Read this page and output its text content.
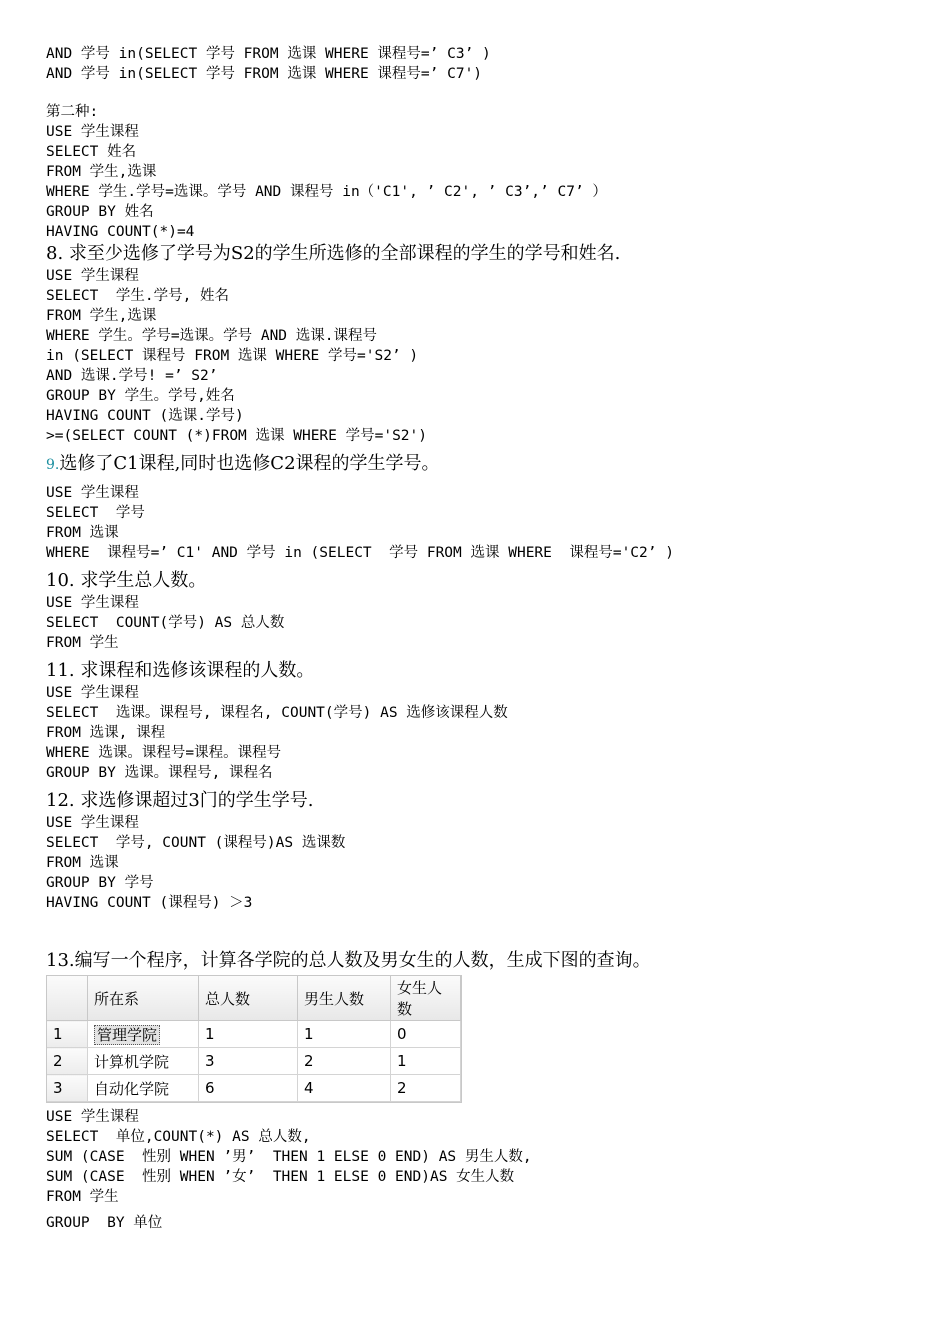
AND 学号 in(SELECT 学号 FROM 选课 WHERE 课程号=’ C3’ )

AND 学号 in(SELECT 学号 FROM 选课 WHERE 课程号=’ C7')

第二种:

USE 学生课程

SELECT 姓名

FROM 学生,选课

WHERE 学生.学号=选课。学号 AND 课程号 in（'C1', ’ C2', ’ C3’,’ C7’ ）

GROUP BY 姓名

HAVING COUNT(*)=4

8. 求至少选修了学号为S2的学生所选修的全部课程的学生的学号和姓名.

USE 学生课程

SELECT  学生.学号, 姓名

FROM 学生,选课

WHERE 学生。学号=选课。学号 AND 选课.课程号

in (SELECT 课程号 FROM 选课 WHERE 学号='S2’ )

AND 选课.学号! =’ S2’

GROUP BY 学生。学号,姓名

HAVING COUNT (选课.学号)

>=(SELECT COUNT (*)FROM 选课 WHERE 学号='S2')

9.选修了C1课程,同时也选修C2课程的学生学号。

USE 学生课程

SELECT  学号

FROM 选课

WHERE  课程号=’ C1' AND 学号 in (SELECT  学号 FROM 选课 WHERE  课程号='C2’ )

10. 求学生总人数。

USE 学生课程

SELECT  COUNT(学号) AS 总人数

FROM 学生

11. 求课程和选修该课程的人数。

USE 学生课程

SELECT  选课。课程号, 课程名, COUNT(学号) AS 选修该课程人数

FROM 选课, 课程

WHERE 选课。课程号=课程。课程号

GROUP BY 选课。课程号, 课程名

12. 求选修课超过3门的学生学号.

USE 学生课程

SELECT  学号, COUNT (课程号)AS 选课数

FROM 选课

GROUP BY 学号

HAVING COUNT (课程号) ＞3

13.编写一个程序，计算各学院的总人数及男女生的人数，生成下图的查询。

	所在系	总人数	男生人数	女生人数
1	管理学院	1	1	0
2	计算机学院	3	2	1
3	自动化学院	6	4	2

USE 学生课程

SELECT  单位,COUNT(*) AS 总人数,

SUM (CASE  性别 WHEN ’男’  THEN 1 ELSE 0 END) AS 男生人数,

SUM (CASE  性别 WHEN ’女’  THEN 1 ELSE 0 END)AS 女生人数

FROM 学生

GROUP  BY 单位
